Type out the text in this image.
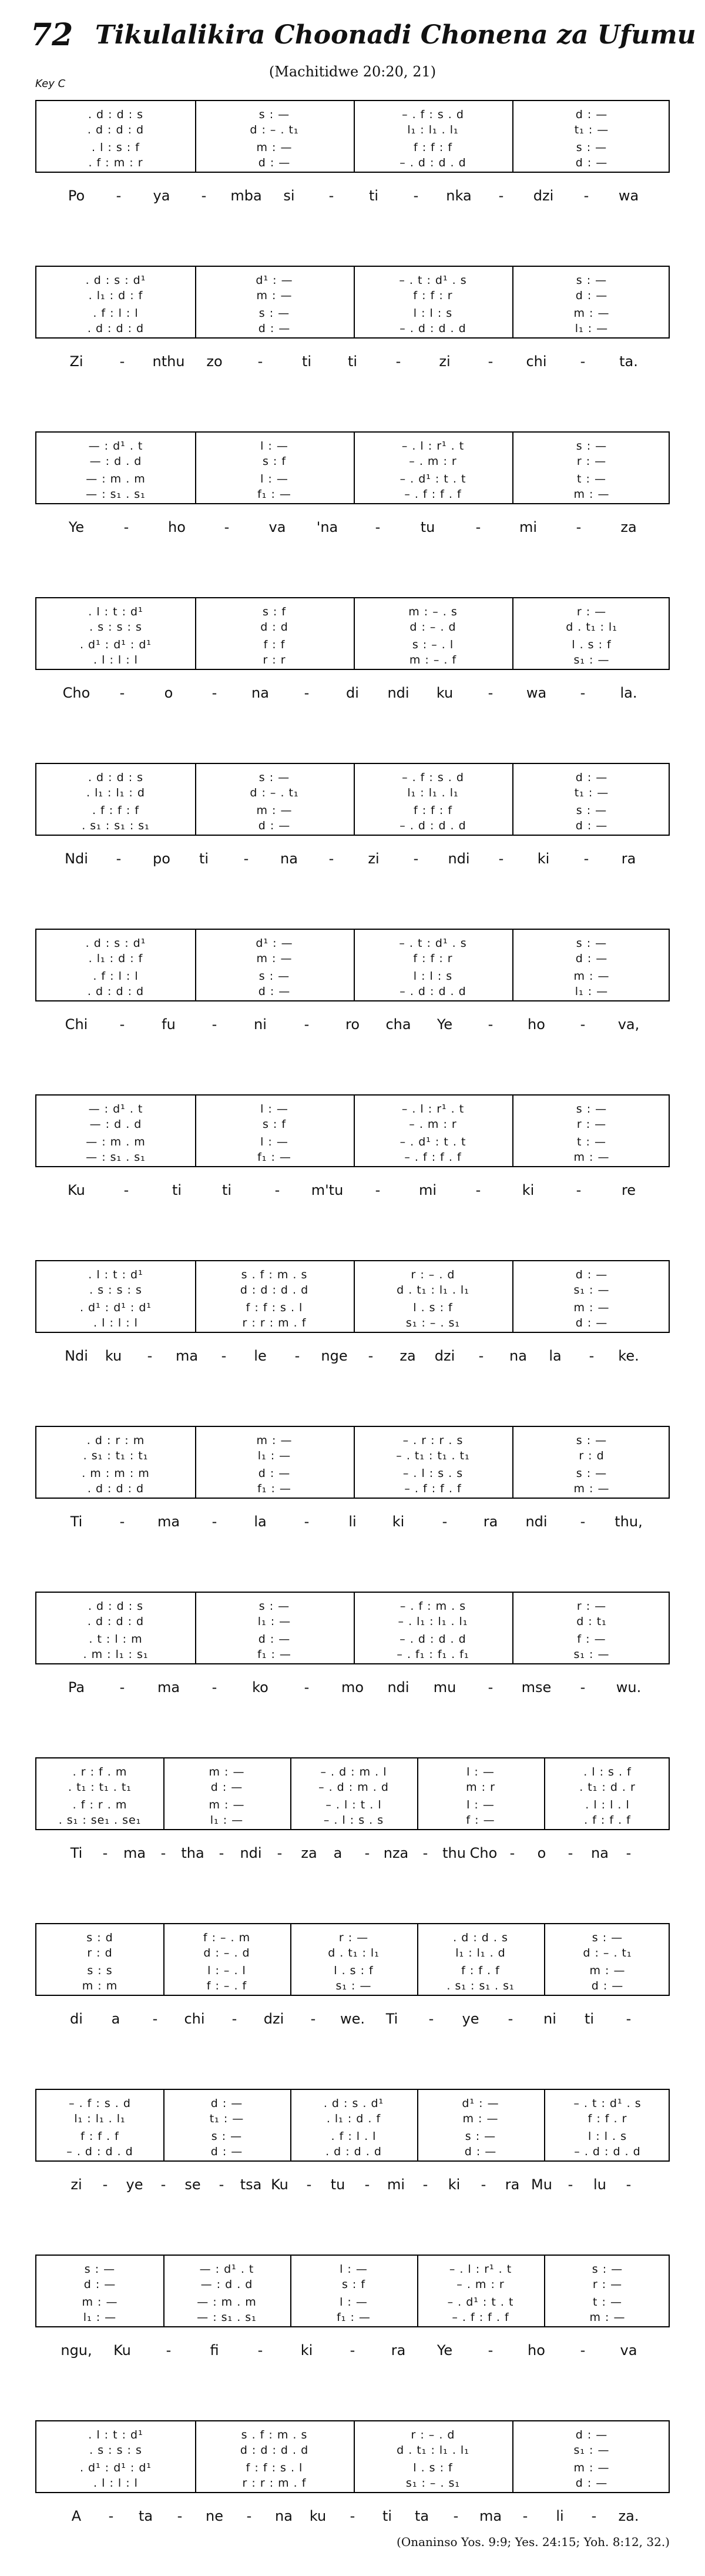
72 Tikulalikira Choonadi Chonena za Ufumu
(Machitidwe 20:20, 21)
Key C
. d : d : s	s : —	– . f : s . d	d : —
. d : d : d	d : – . t₁	l₁ : l₁ . l₁	t₁ : —
. l : s : f	m : —	f : f : f	s : —
. f : m : r	d : —	– . d : d . d	d : —
Po - ya - mba si - ti - nka - dzi - wa
. d : s : d¹	d¹ : —	– . t : d¹ . s	s : —
. l₁ : d : f	m : —	f : f : r	d : —
. f : l : l	s : —	l : l : s	m : —
. d : d : d	d : —	– . d : d . d	l₁ : —
Zi	- nthu zo	-	ti	ti	-	zi	- chi - ta.
— : d¹ . t	l : —	– . l : r¹ . t	s : —
— : d . d	s : f	– . m : r	r : —
— : m . m	l : —	– . d¹ : t . t	t : —
— : s₁ . s₁	f₁ : —	– . f : f . f	m : —
Ye	-	ho	-	va 'na	-	tu	-	mi	-	za
. l : t : d¹	s : f	m : – . s	r : —
. s : s : s	d : d	d : – . d	d . t₁ : l₁
. d¹ : d¹ : d¹	f : f	s : – . l	l . s : f
. l : l : l	r : r	m : – . f	s₁ : —
Cho -	o	- na -	di ndi ku - wa - la.
. d : d : s	s : —	– . f : s . d	d : —
. l₁ : l₁ : d	d : – . t₁	l₁ : l₁ . l₁	t₁ : —
. f : f : f	m : —	f : f : f	s : —
. s₁ : s₁ : s₁	d : —	– . d : d . d	d : —
Ndi - po ti - na - zi - ndi - ki - ra
. d : s : d¹	d¹ : —	– . t : d¹ . s	s : —
. l₁ : d : f	m : —	f : f : r	d : —
. f : l : l	s : —	l : l : s	m : —
. d : d : d	d : —	– . d : d . d	l₁ : —
Chi -	fu	-	ni	-	ro cha Ye	- ho - va,
— : d¹ . t	l : —	– . l : r¹ . t	s : —
— : d . d	s : f	– . m : r	r : —
— : m . m	l : —	– . d¹ : t . t	t : —
— : s₁ . s₁	f₁ : —	– . f : f . f	m : —
Ku	-	ti	ti	- m'tu -	mi	-	ki	-	re
. l : t : d¹	s . f : m . s	r : – . d	d : —
. s : s : s	d : d : d . d	d . t₁ : l₁ . l₁	s₁ : —
. d¹ : d¹ : d¹	f : f : s . l	l . s : f	m : —
. l : l : l	r : r : m . f	s₁ : – . s₁	d : —
Ndi ku - ma - le - nge - za dzi - na la - ke.
. d : r : m	m : —	– . r : r . s	s : —
. s₁ : t₁ : t₁	l₁ : —	– . t₁ : t₁ . t₁	r : d
. m : m : m	d : —	– . l : s . s	s : —
. d : d : d	f₁ : —	– . f : f . f	m : —
Ti	- ma -	la	-	li	ki	-	ra ndi - thu,
. d : d : s	s : —	– . f : m . s	r : —
. d : d : d	l₁ : —	– . l₁ : l₁ . l₁	d : t₁
. t : l : m	d : —	– . d : d . d	f : —
. m : l₁ : s₁	f₁ : —	– . f₁ : f₁ . f₁	s₁ : —
Pa - ma - ko	- mo ndi mu - mse - wu.
. r : f . m	m : —	– . d : m . l	l : —	. l : s . f
. t₁ : t₁ . t₁	d : —	– . d : m . d	m : r	. t₁ : d . r
. f : r . m	m : —	– . l : t . l	l : —	. l : l . l
. s₁ : se₁ . se₁	l₁ : —	– . l : s . s	f : —	. f : f . f
Ti - ma - tha - ndi - za a - nza - thu Cho - o - na -
s : d	f : – . m	r : —	. d : d . s	s : —
r : d	d : – . d	d . t₁ : l₁	l₁ : l₁ . d	d : – . t₁
s : s	l : – . l	l . s : f	f : f . f	m : —
m : m	f : – . f	s₁ : —	. s₁ : s₁ . s₁	d : —
di a - chi - dzi - we. Ti - ye - ni ti -
– . f : s . d	d : —	. d : s . d¹	d¹ : —	– . t : d¹ . s
l₁ : l₁ . l₁	t₁ : —	. l₁ : d . f	m : —	f : f . r
f : f . f	s : —	. f : l . l	s : —	l : l . s
– . d : d . d	d : —	. d : d . d	d : —	– . d : d . d
zi - ye - se - tsa Ku - tu - mi - ki - ra Mu - lu -
s : —	— : d¹ . t	l : —	– . l : r¹ . t	s : —
d : —	— : d . d	s : f	– . m : r	r : —
m : —	— : m . m	l : —	– . d¹ : t . t	t : —
l₁ : —	— : s₁ . s₁	f₁ : —	– . f : f . f	m : —
ngu, Ku -	fi	-	ki	-	ra Ye	- ho - va
. l : t : d¹	s . f : m . s	r : – . d	d : —
. s : s : s	d : d : d . d	d . t₁ : l₁ . l₁	s₁ : —
. d¹ : d¹ : d¹	f : f : s . l	l . s : f	m : —
. l : l : l	r : r : m . f	s₁ : – . s₁	d : —
A - ta - ne - na ku - ti ta - ma - li - za.
(Onaninso Yos. 9:9; Yes. 24:15; Yoh. 8:12, 32.)
